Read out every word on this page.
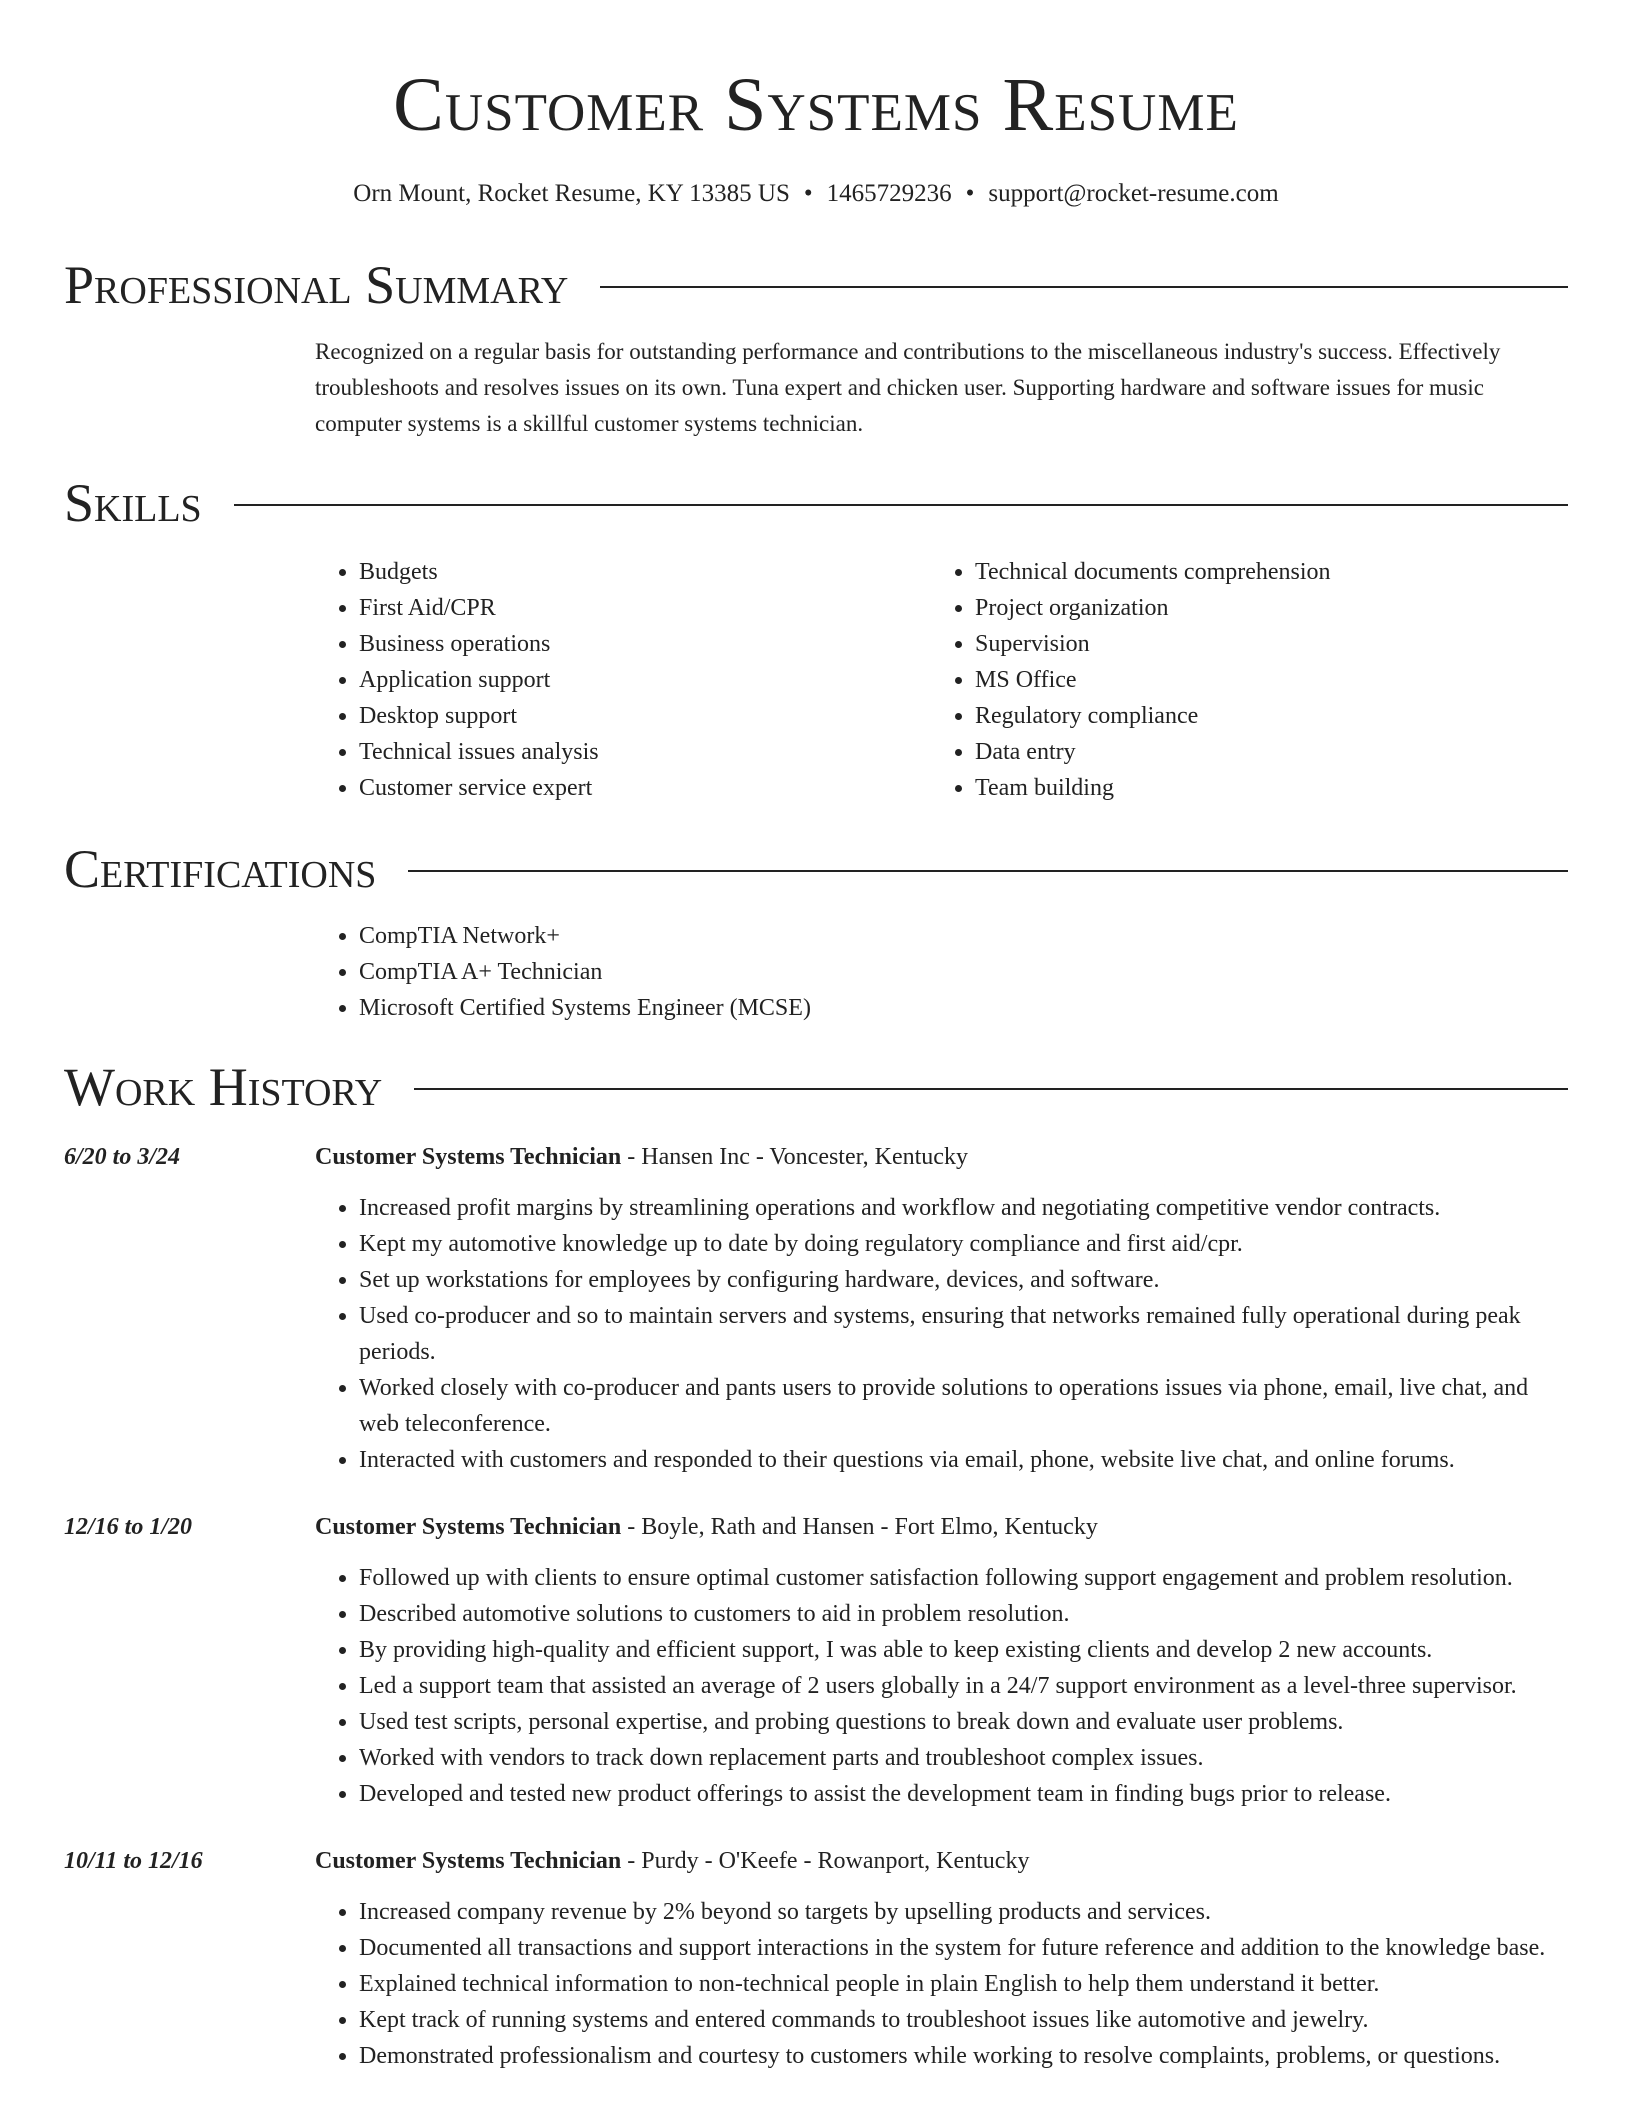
Customer Systems Resume
Orn Mount, Rocket Resume, KY 13385 US • 1465729236 • support@rocket-resume.com
Professional Summary
Recognized on a regular basis for outstanding performance and contributions to the miscellaneous industry's success. Effectively troubleshoots and resolves issues on its own. Tuna expert and chicken user. Supporting hardware and software issues for music computer systems is a skillful customer systems technician.
Skills
• Budgets
• First Aid/CPR
• Business operations
• Application support
• Desktop support
• Technical issues analysis
• Customer service expert
• Technical documents comprehension
• Project organization
• Supervision
• MS Office
• Regulatory compliance
• Data entry
• Team building
Certifications
• CompTIA Network+
• CompTIA A+ Technician
• Microsoft Certified Systems Engineer (MCSE)
Work History
6/20 to 3/24	Customer Systems Technician - Hansen Inc - Voncester, Kentucky
• Increased profit margins by streamlining operations and workflow and negotiating competitive vendor contracts.
• Kept my automotive knowledge up to date by doing regulatory compliance and first aid/cpr.
• Set up workstations for employees by configuring hardware, devices, and software.
• Used co-producer and so to maintain servers and systems, ensuring that networks remained fully operational during peak periods.
• Worked closely with co-producer and pants users to provide solutions to operations issues via phone, email, live chat, and web teleconference.
• Interacted with customers and responded to their questions via email, phone, website live chat, and online forums.
12/16 to 1/20	Customer Systems Technician - Boyle, Rath and Hansen - Fort Elmo, Kentucky
• Followed up with clients to ensure optimal customer satisfaction following support engagement and problem resolution.
• Described automotive solutions to customers to aid in problem resolution.
• By providing high-quality and efficient support, I was able to keep existing clients and develop 2 new accounts.
• Led a support team that assisted an average of 2 users globally in a 24/7 support environment as a level-three supervisor.
• Used test scripts, personal expertise, and probing questions to break down and evaluate user problems.
• Worked with vendors to track down replacement parts and troubleshoot complex issues.
• Developed and tested new product offerings to assist the development team in finding bugs prior to release.
10/11 to 12/16	Customer Systems Technician - Purdy - O'Keefe - Rowanport, Kentucky
• Increased company revenue by 2% beyond so targets by upselling products and services.
• Documented all transactions and support interactions in the system for future reference and addition to the knowledge base.
• Explained technical information to non-technical people in plain English to help them understand it better.
• Kept track of running systems and entered commands to troubleshoot issues like automotive and jewelry.
• Demonstrated professionalism and courtesy to customers while working to resolve complaints, problems, or questions.
